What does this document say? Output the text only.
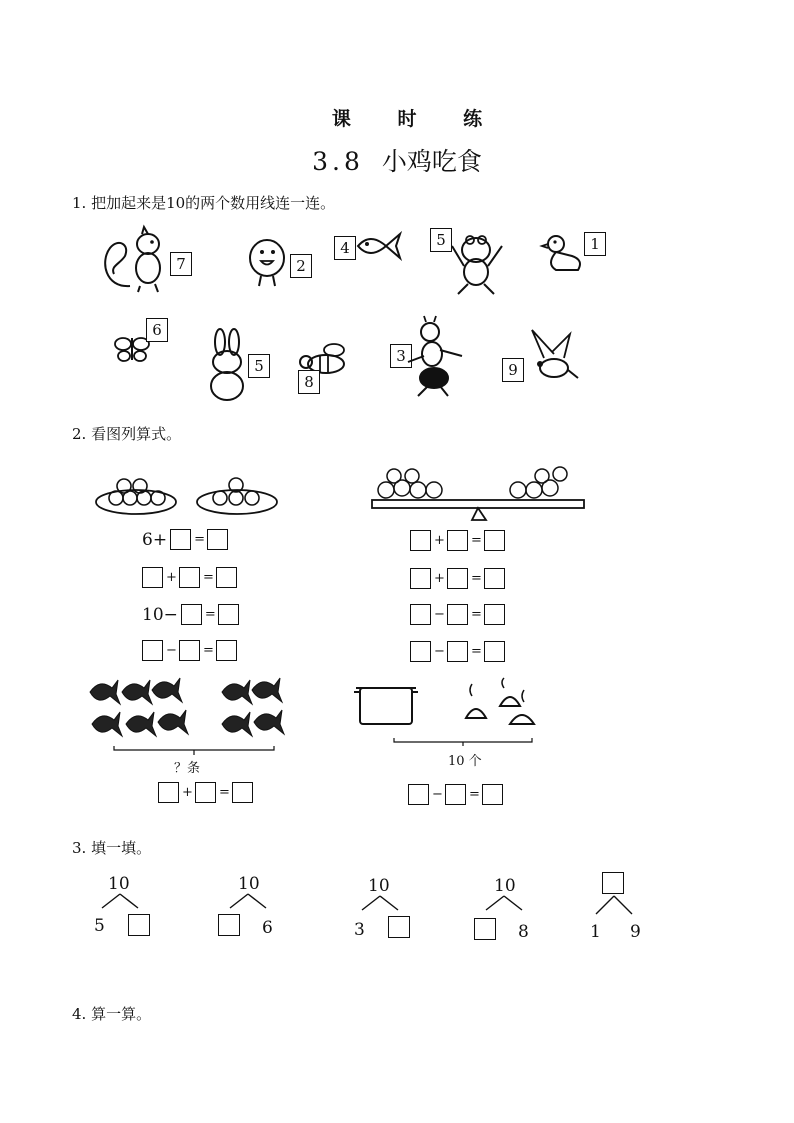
课 时 练
3.8 小鸡吃食
1. 把加起来是10的两个数用线连一连。
7	2
4	5	1
6
5
8
3
9
2. 看图列算式。
6+ =
+ =
10− =
− =
+ =
+ =
− =
− =
？条
+ =
10 个
− =
3. 填一填。
10
5
10
6
10
3
10
8	1 9
4. 算一算。
